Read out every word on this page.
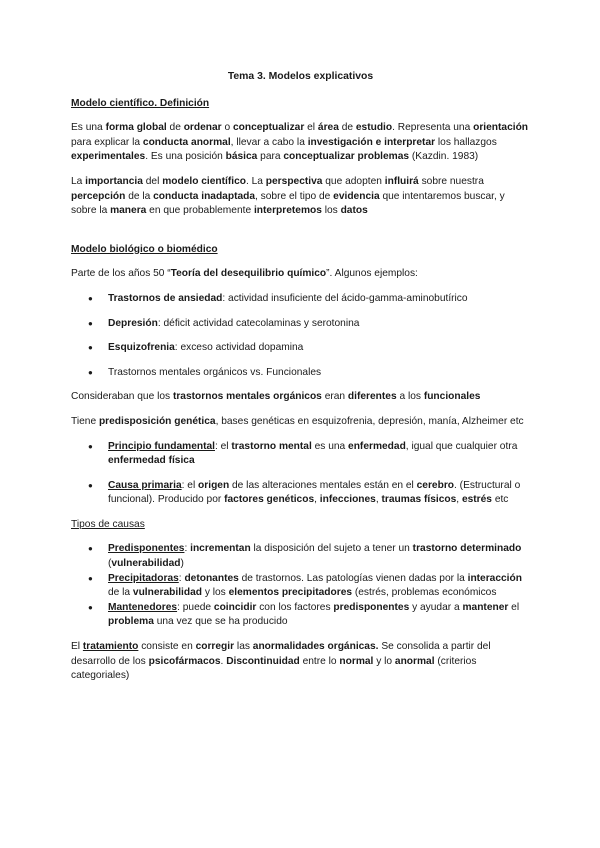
Tema 3. Modelos explicativos
Modelo científico. Definición

Es una forma global de ordenar o conceptualizar el área de estudio. Representa una orientación para explicar la conducta anormal, llevar a cabo la investigación e interpretar los hallazgos experimentales. Es una posición básica para conceptualizar problemas (Kazdin. 1983)

La importancia del modelo científico. La perspectiva que adopten influirá sobre nuestra percepción de la conducta inadaptada, sobre el tipo de evidencia que intentaremos buscar, y sobre la manera en que probablemente interpretemos los datos

Modelo biológico o biomédico

Parte de los años 50 “Teoría del desequilibrio químico”. Algunos ejemplos:

● Trastornos de ansiedad: actividad insuficiente del ácido-gamma-aminobutírico
● Depresión: déficit actividad catecolaminas y serotonina
● Esquizofrenia: exceso actividad dopamina
● Trastornos mentales orgánicos vs. Funcionales

Consideraban que los trastornos mentales orgánicos eran diferentes a los funcionales

Tiene predisposición genética, bases genéticas en esquizofrenia, depresión, manía, Alzheimer etc

● Principio fundamental: el trastorno mental es una enfermedad, igual que cualquier otra enfermedad física
● Causa primaria: el origen de las alteraciones mentales están en el cerebro. (Estructural o funcional). Producido por factores genéticos, infecciones, traumas físicos, estrés etc
Tipos de causas
● Predisponentes: incrementan la disposición del sujeto a tener un trastorno determinado (vulnerabilidad)
● Precipitadoras: detonantes de trastornos. Las patologías vienen dadas por la interacción de la vulnerabilidad y los elementos precipitadores (estrés, problemas económicos
● Mantenedores: puede coincidir con los factores predisponentes y ayudar a mantener el problema una vez que se ha producido

El tratamiento consiste en corregir las anormalidades orgánicas. Se consolida a partir del desarrollo de los psicofármacos. Discontinuidad entre lo normal y lo anormal (criterios categoriales)
